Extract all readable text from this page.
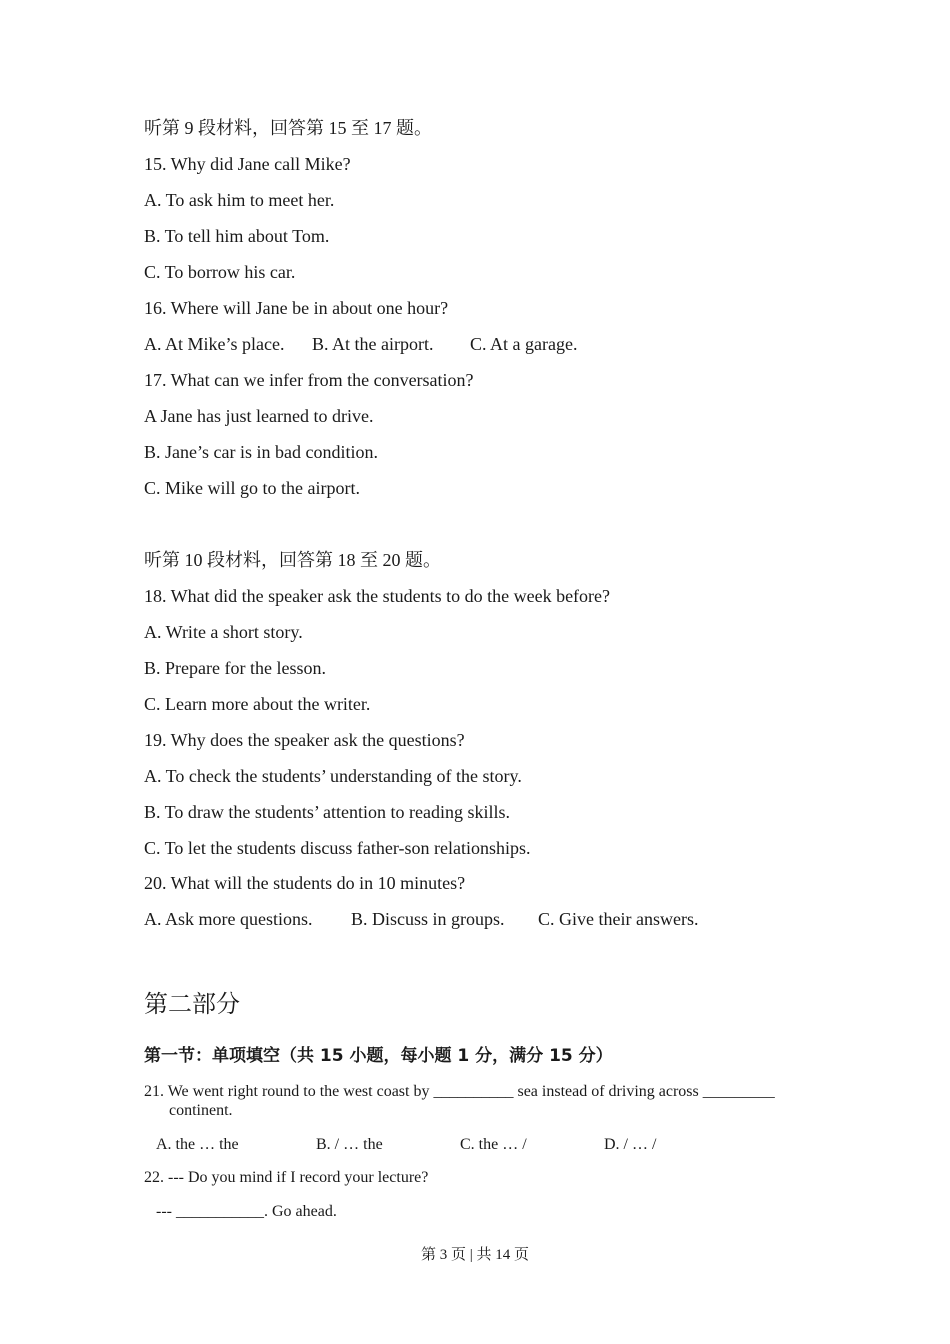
听第 9 段材料，回答第 15 至 17 题。
15. Why did Jane call Mike?
A. To ask him to meet her.
B. To tell him about Tom.
C. To borrow his car.
16. Where will Jane be in about one hour?
A. At Mike’s place. B. At the airport. C. At a garage.
17. What can we infer from the conversation?
A Jane has just learned to drive.
B. Jane’s car is in bad condition.
C. Mike will go to the airport.
听第 10 段材料，回答第 18 至 20 题。
18. What did the speaker ask the students to do the week before?
A. Write a short story.
B. Prepare for the lesson.
C. Learn more about the writer.
19. Why does the speaker ask the questions?
A. To check the students’ understanding of the story.
B. To draw the students’ attention to reading skills.
C. To let the students discuss father-son relationships.
20. What will the students do in 10 minutes?
A. Ask more questions. B. Discuss in groups. C. Give their answers.
第二部分
第一节：单项填空（共 15 小题，每小题 1 分，满分 15 分）
21. We went right round to the west coast by __________ sea instead of driving across _________
continent.
A. the … the	B. / … the	C. the … /	D. / … /
22. --- Do you mind if I record your lecture?
--- ___________. Go ahead.
第 3 页 | 共 14 页
